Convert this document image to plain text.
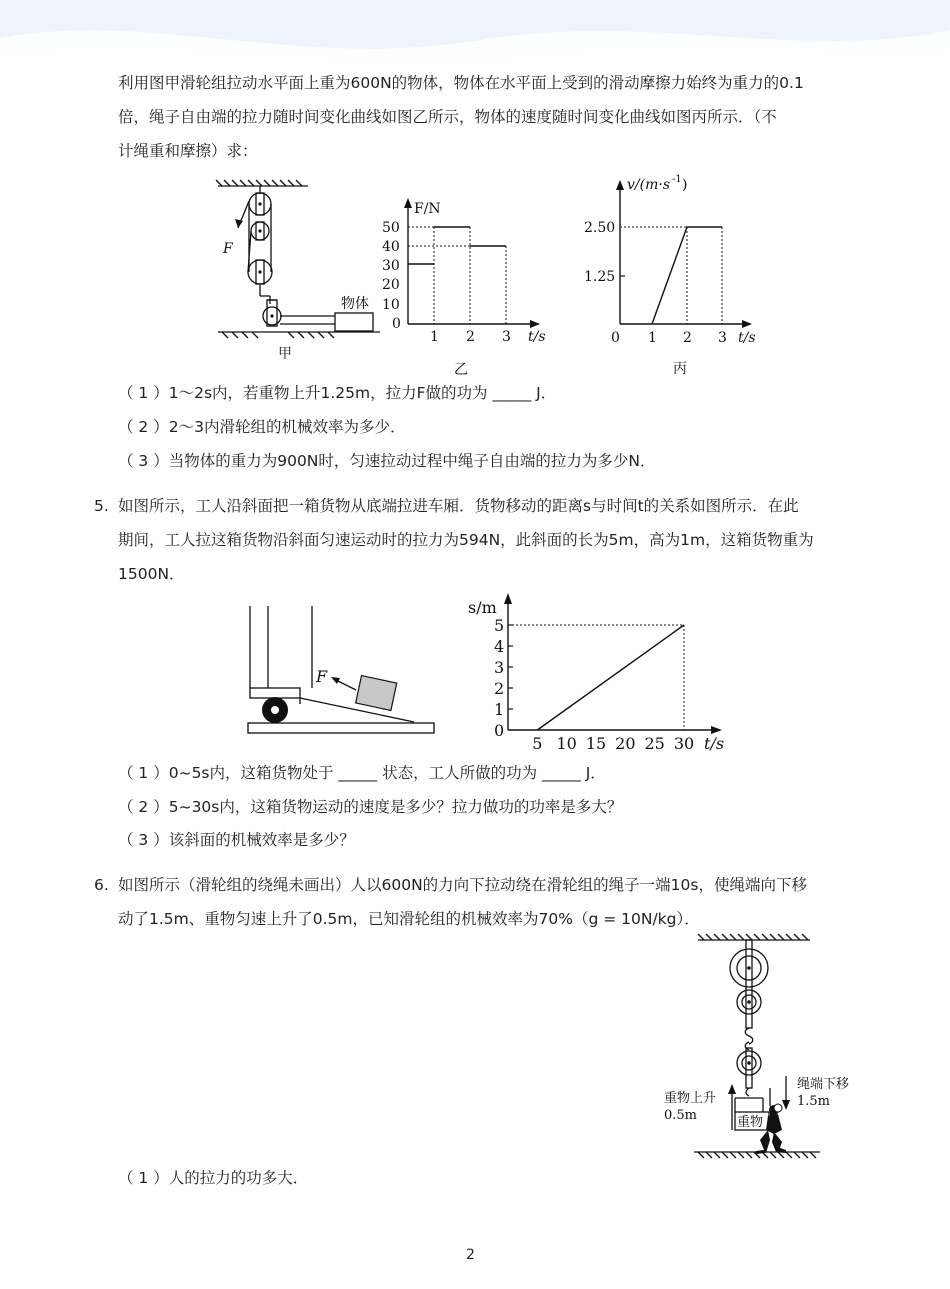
利用图甲滑轮组拉动水平面上重为600N的物体，物体在水平面上受到的滑动摩擦力始终为重力的0.1
倍，绳子自由端的拉力随时间变化曲线如图乙所示，物体的速度随时间变化曲线如图丙所示．（不
计绳重和摩擦）求：
F
物体
甲
F/N
50
40
30
20
10
0
1 2 3 t/s
乙
v/(m·s -1 )
2.50
1.25
0 1 2 3 t/s
丙
（ 1 ）1～2s内，若重物上升1.25m，拉力F做的功为 _____ J．
（ 2 ）2～3内滑轮组的机械效率为多少．
（ 3 ）当物体的重力为900N时，匀速拉动过程中绳子自由端的拉力为多少N．
5. 如图所示，工人沿斜面把一箱货物从底端拉进车厢．货物移动的距离s与时间t的关系如图所示．在此
期间，工人拉这箱货物沿斜面匀速运动时的拉力为594N，此斜面的长为5m，高为1m，这箱货物重为
1500N．
F
0
1
2
3
4
5
5 10 15 20 25 30
s/m
t/s
（ 1 ）0~5s内，这箱货物处于 _____ 状态，工人所做的功为 _____ J．
（ 2 ）5~30s内，这箱货物运动的速度是多少？拉力做功的功率是多大？
（ 3 ）该斜面的机械效率是多少？
6. 如图所示（滑轮组的绕绳未画出）人以600N的力向下拉动绕在滑轮组的绳子一端10s，使绳端向下移
动了1.5m、重物匀速上升了0.5m，已知滑轮组的机械效率为70%（g = 10N/kg）．
绳端下移
1.5m
重物上升
0.5m	重物
（ 1 ）人的拉力的功多大．
2
